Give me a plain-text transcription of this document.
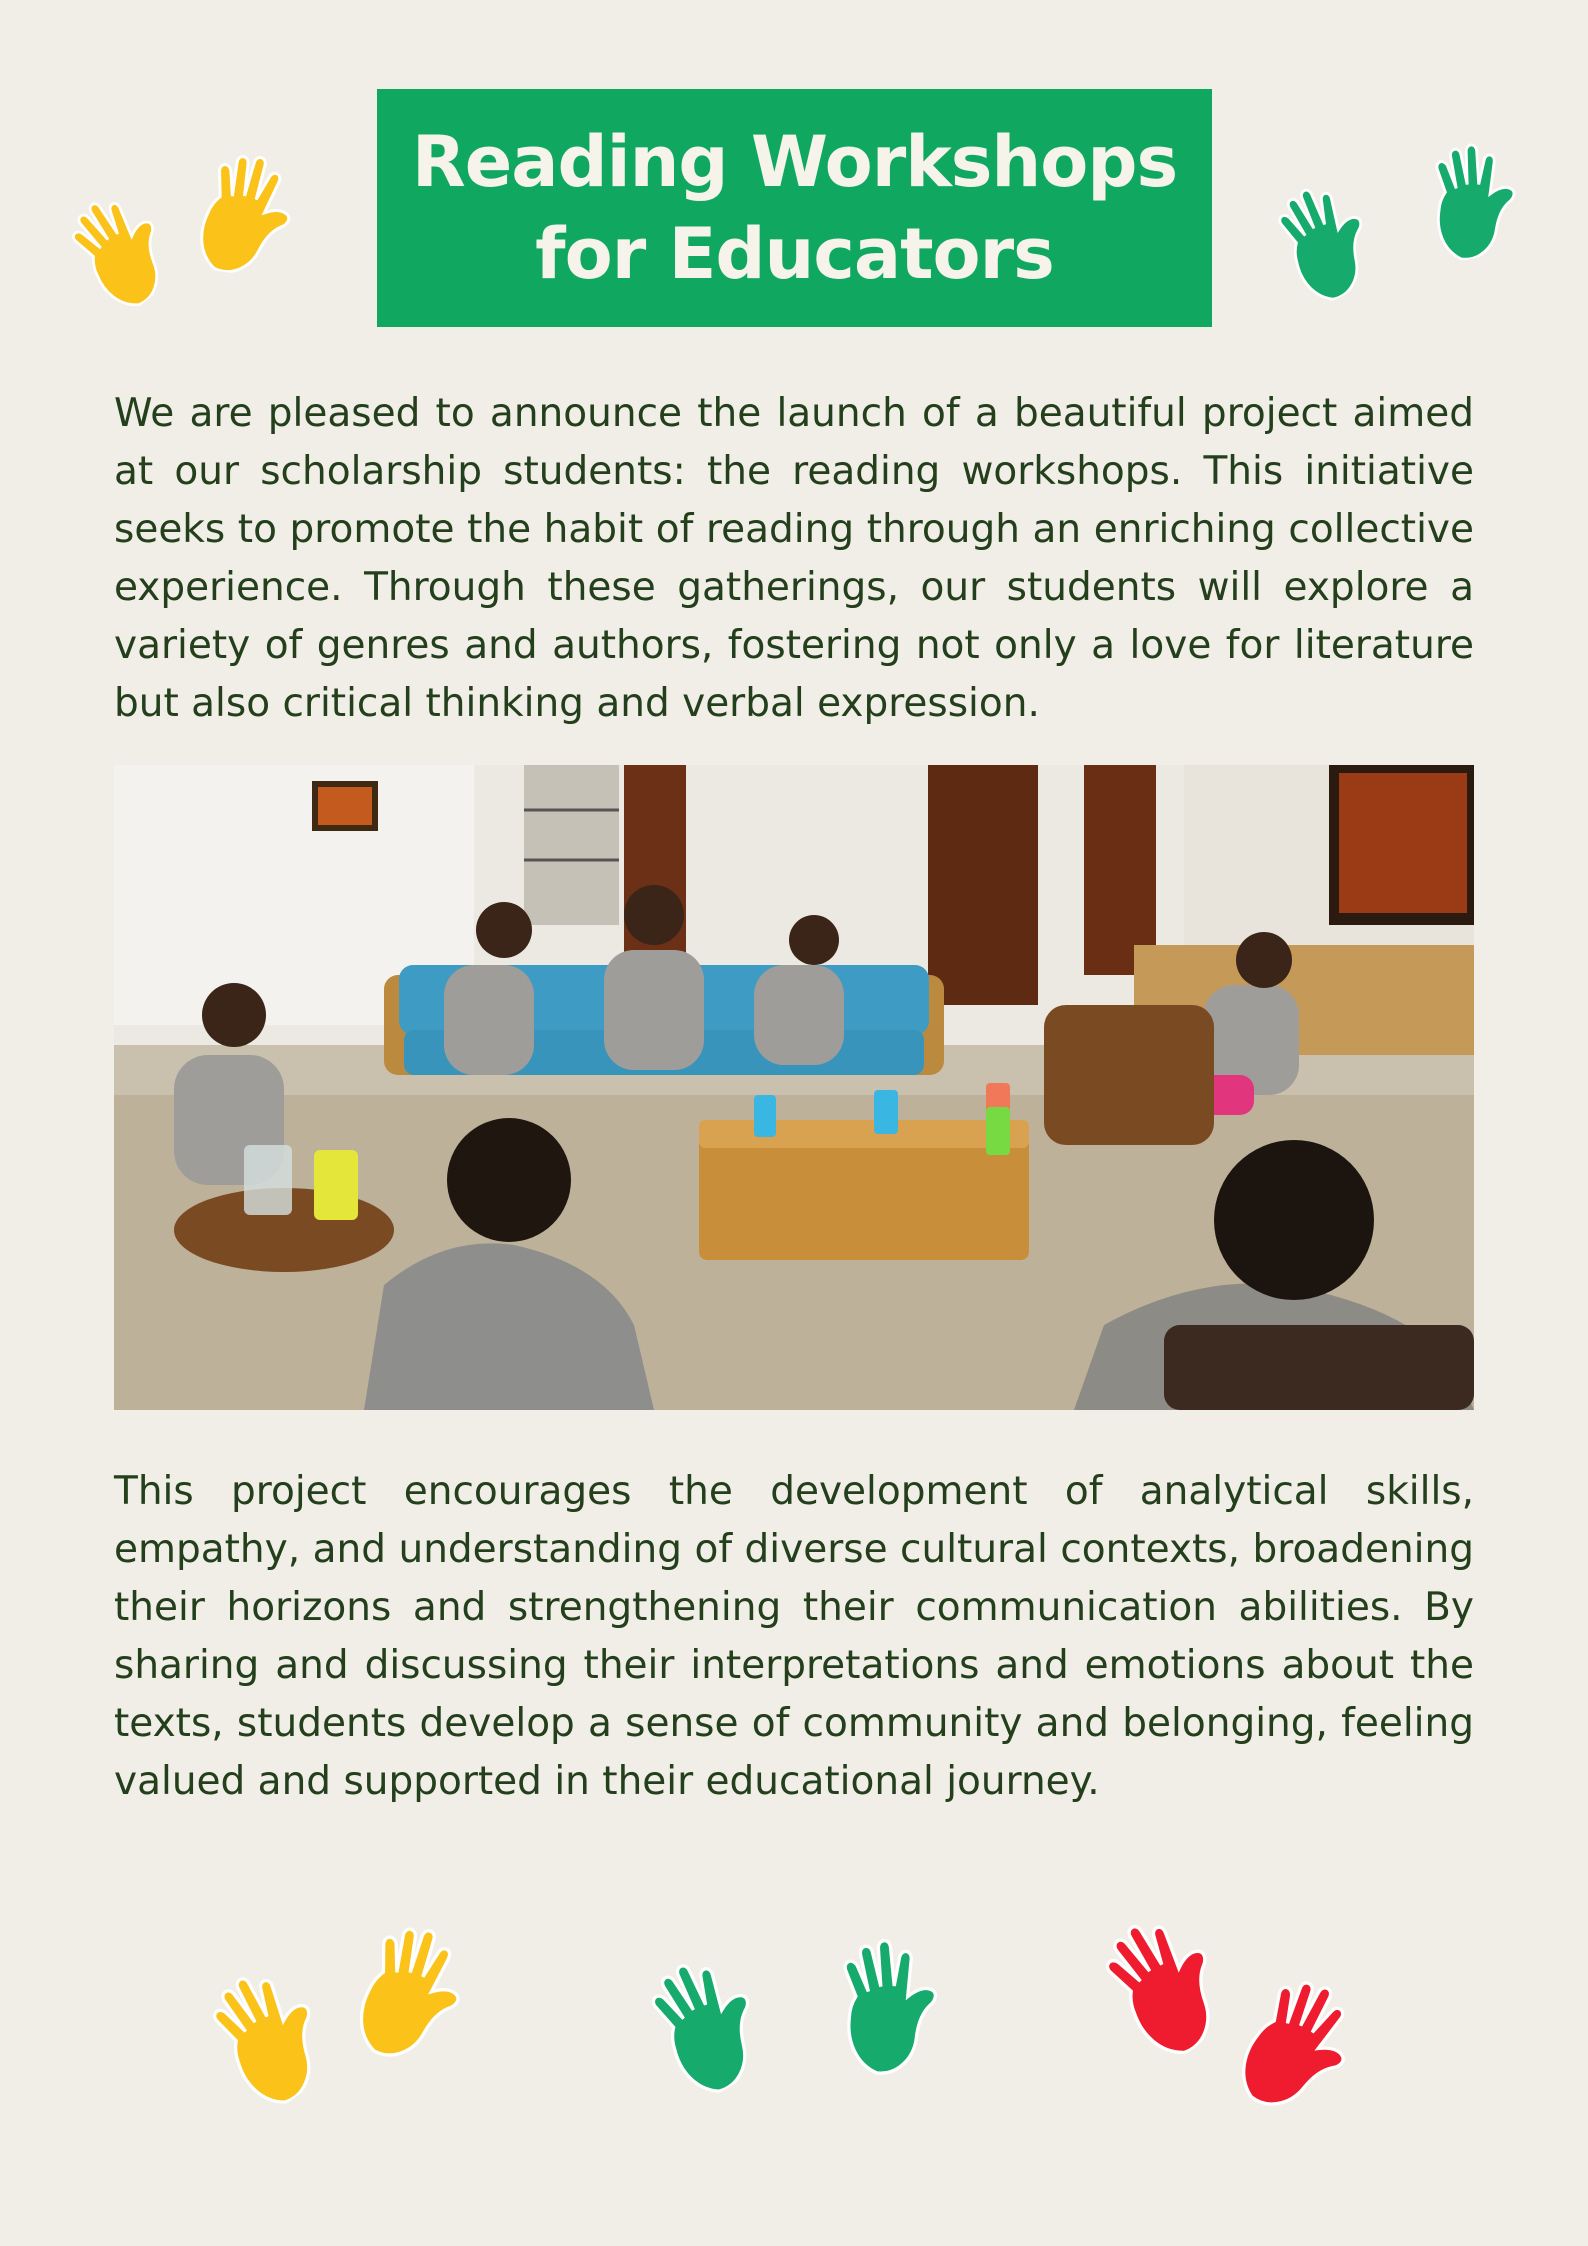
Reading Workshops
for Educators
We are pleased to announce the launch of a beautiful project aimed at our scholarship students: the reading workshops. This initiative seeks to promote the habit of reading through an enriching collective experience. Through these gatherings, our students will explore a variety of genres and authors, fostering not only a love for literature but also critical thinking and verbal expression.
This project encourages the development of analytical skills, empathy, and understanding of diverse cultural contexts, broadening their horizons and strengthening their communication abilities. By sharing and discussing their interpretations and emotions about the texts, students develop a sense of community and belonging, feeling valued and supported in their educational journey.
